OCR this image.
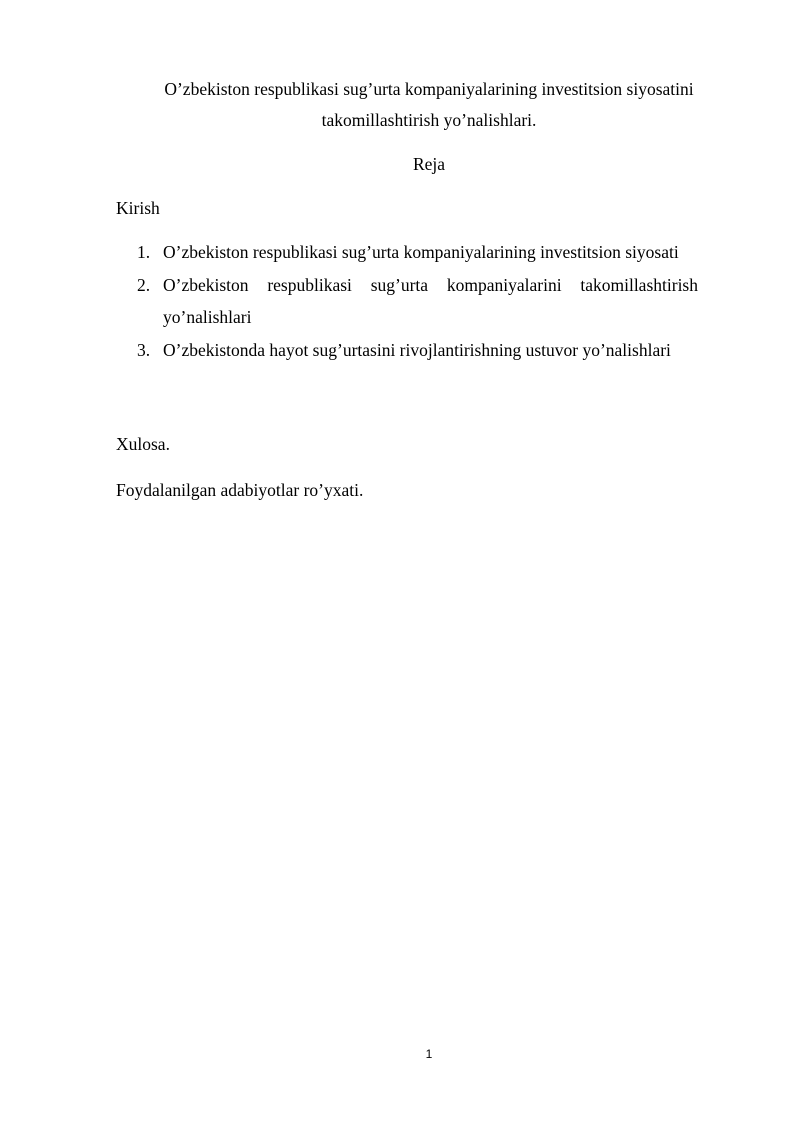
O’zbekiston respublikasi sug’urta kompaniyalarining investitsion siyosatini takomillashtirish yo’nalishlari.
Reja
Kirish
1. O’zbekiston respublikasi sug’urta kompaniyalarining investitsion siyosati
2. O’zbekiston respublikasi sug’urta kompaniyalarini takomillashtirish yo’nalishlari
3. O’zbekistonda hayot sug’urtasini rivojlantirishning ustuvor yo’nalishlari
Xulosa.
Foydalanilgan adabiyotlar ro’yxati.
1
